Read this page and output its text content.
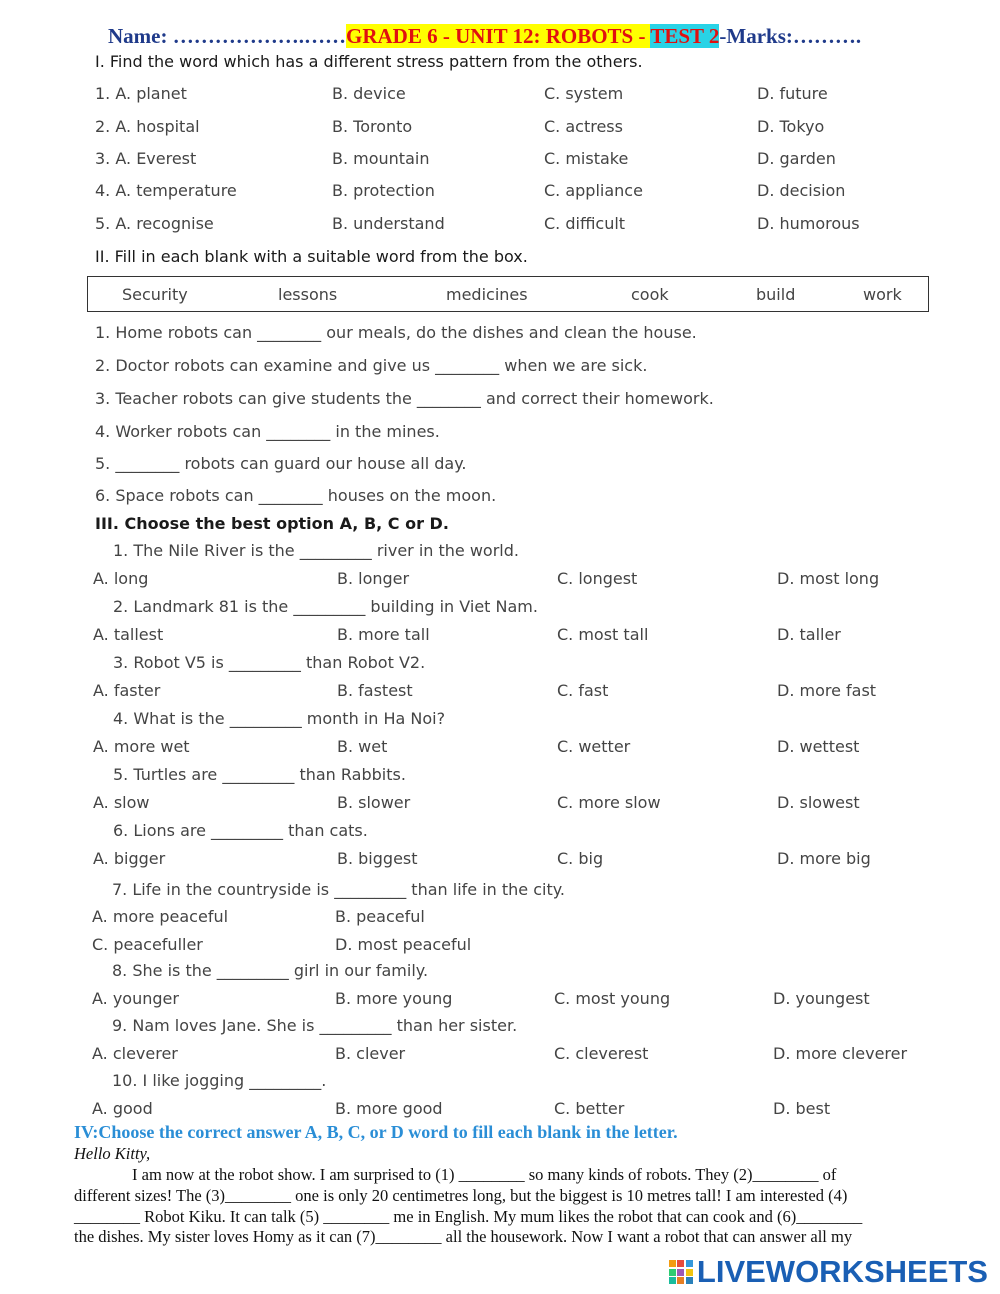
Name: ……………….……GRADE 6 - UNIT 12: ROBOTS - TEST 2-Marks:……….
I. Find the word which has a different stress pattern from the others.
1. A. planet	B. device	C. system	D. future
2. A. hospital	B. Toronto	C. actress	D. Tokyo
3. A. Everest	B. mountain	C. mistake	D. garden
4. A. temperature	B. protection	C. appliance	D. decision
5. A. recognise	B. understand	C. difficult	D. humorous
II. Fill in each blank with a suitable word from the box.
Security	lessons	medicines	cook	build	work
1. Home robots can ________ our meals, do the dishes and clean the house.
2. Doctor robots can examine and give us ________ when we are sick.
3. Teacher robots can give students the ________ and correct their homework.
4. Worker robots can ________ in the mines.
5. ________ robots can guard our house all day.
6. Space robots can ________ houses on the moon.
III. Choose the best option A, B, C or D.
1. The Nile River is the _________ river in the world.
A. long	B. longer	C. longest	D. most long
2. Landmark 81 is the _________ building in Viet Nam.
A. tallest	B. more tall	C. most tall	D. taller
3. Robot V5 is _________ than Robot V2.
A. faster	B. fastest	C. fast	D. more fast
4. What is the _________ month in Ha Noi?
A. more wet	B. wet	C. wetter	D. wettest
5. Turtles are _________ than Rabbits.
A. slow	B. slower	C. more slow	D. slowest
6. Lions are _________ than cats.
A. bigger	B. biggest	C. big	D. more big
7. Life in the countryside is _________ than life in the city.
A. more peaceful	B. peaceful
C. peacefuller	D. most peaceful
8. She is the _________ girl in our family.
A. younger	B. more young	C. most young	D. youngest
9. Nam loves Jane. She is _________ than her sister.
A. cleverer	B. clever	C. cleverest	D. more cleverer
10. I like jogging _________.
A. good	B. more good	C. better	D. best
IV:Choose the correct answer A, B, C, or D word to fill each blank in the letter.
Hello Kitty,
I am now at the robot show. I am surprised to (1) ________ so many kinds of robots. They (2)________ of
different sizes! The (3)________ one is only 20 centimetres long, but the biggest is 10 metres tall! I am interested (4)
________ Robot Kiku. It can talk (5) ________ me in English. My mum likes the robot that can cook and (6)________
the dishes. My sister loves Homy as it can (7)________ all the housework. Now I want a robot that can answer all my
LIVEWORKSHEETS
